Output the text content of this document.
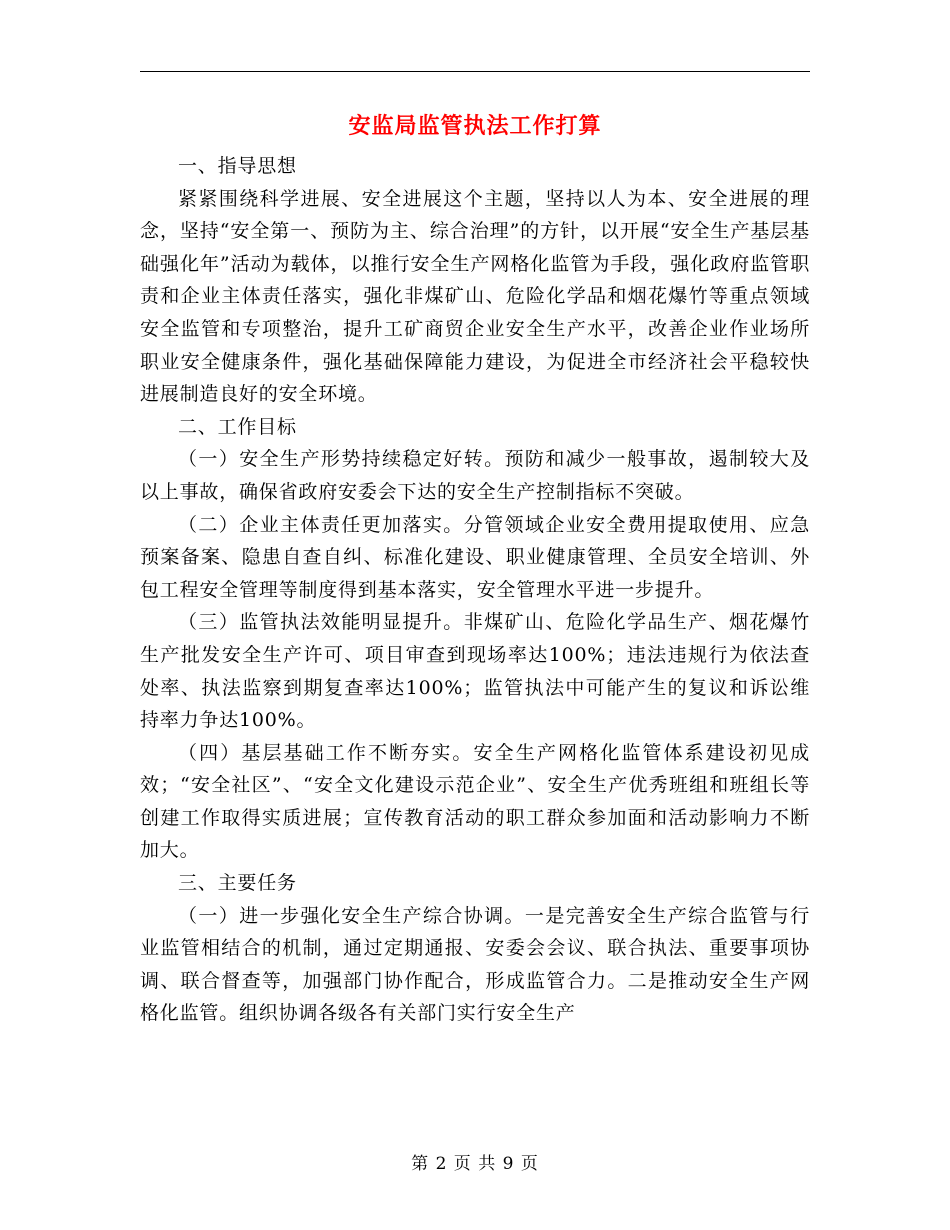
安监局监管执法工作打算

一、指导思想

紧紧围绕科学进展、安全进展这个主题，坚持以人为本、安全进展的理念，坚持“安全第一、预防为主、综合治理”的方针，以开展“安全生产基层基础强化年”活动为载体，以推行安全生产网格化监管为手段，强化政府监管职责和企业主体责任落实，强化非煤矿山、危险化学品和烟花爆竹等重点领域安全监管和专项整治，提升工矿商贸企业安全生产水平，改善企业作业场所职业安全健康条件，强化基础保障能力建设，为促进全市经济社会平稳较快进展制造良好的安全环境。

二、工作目标

（一）安全生产形势持续稳定好转。预防和减少一般事故，遏制较大及以上事故，确保省政府安委会下达的安全生产控制指标不突破。

（二）企业主体责任更加落实。分管领域企业安全费用提取使用、应急预案备案、隐患自查自纠、标准化建设、职业健康管理、全员安全培训、外包工程安全管理等制度得到基本落实，安全管理水平进一步提升。

（三）监管执法效能明显提升。非煤矿山、危险化学品生产、烟花爆竹生产批发安全生产许可、项目审查到现场率达100%；违法违规行为依法查处率、执法监察到期复查率达100%；监管执法中可能产生的复议和诉讼维持率力争达100%。

（四）基层基础工作不断夯实。安全生产网格化监管体系建设初见成效；“安全社区”、“安全文化建设示范企业”、安全生产优秀班组和班组长等创建工作取得实质进展；宣传教育活动的职工群众参加面和活动影响力不断加大。

三、主要任务

（一）进一步强化安全生产综合协调。一是完善安全生产综合监管与行业监管相结合的机制，通过定期通报、安委会会议、联合执法、重要事项协调、联合督查等，加强部门协作配合，形成监管合力。二是推动安全生产网格化监管。组织协调各级各有关部门实行安全生产

第 2 页 共 9 页
